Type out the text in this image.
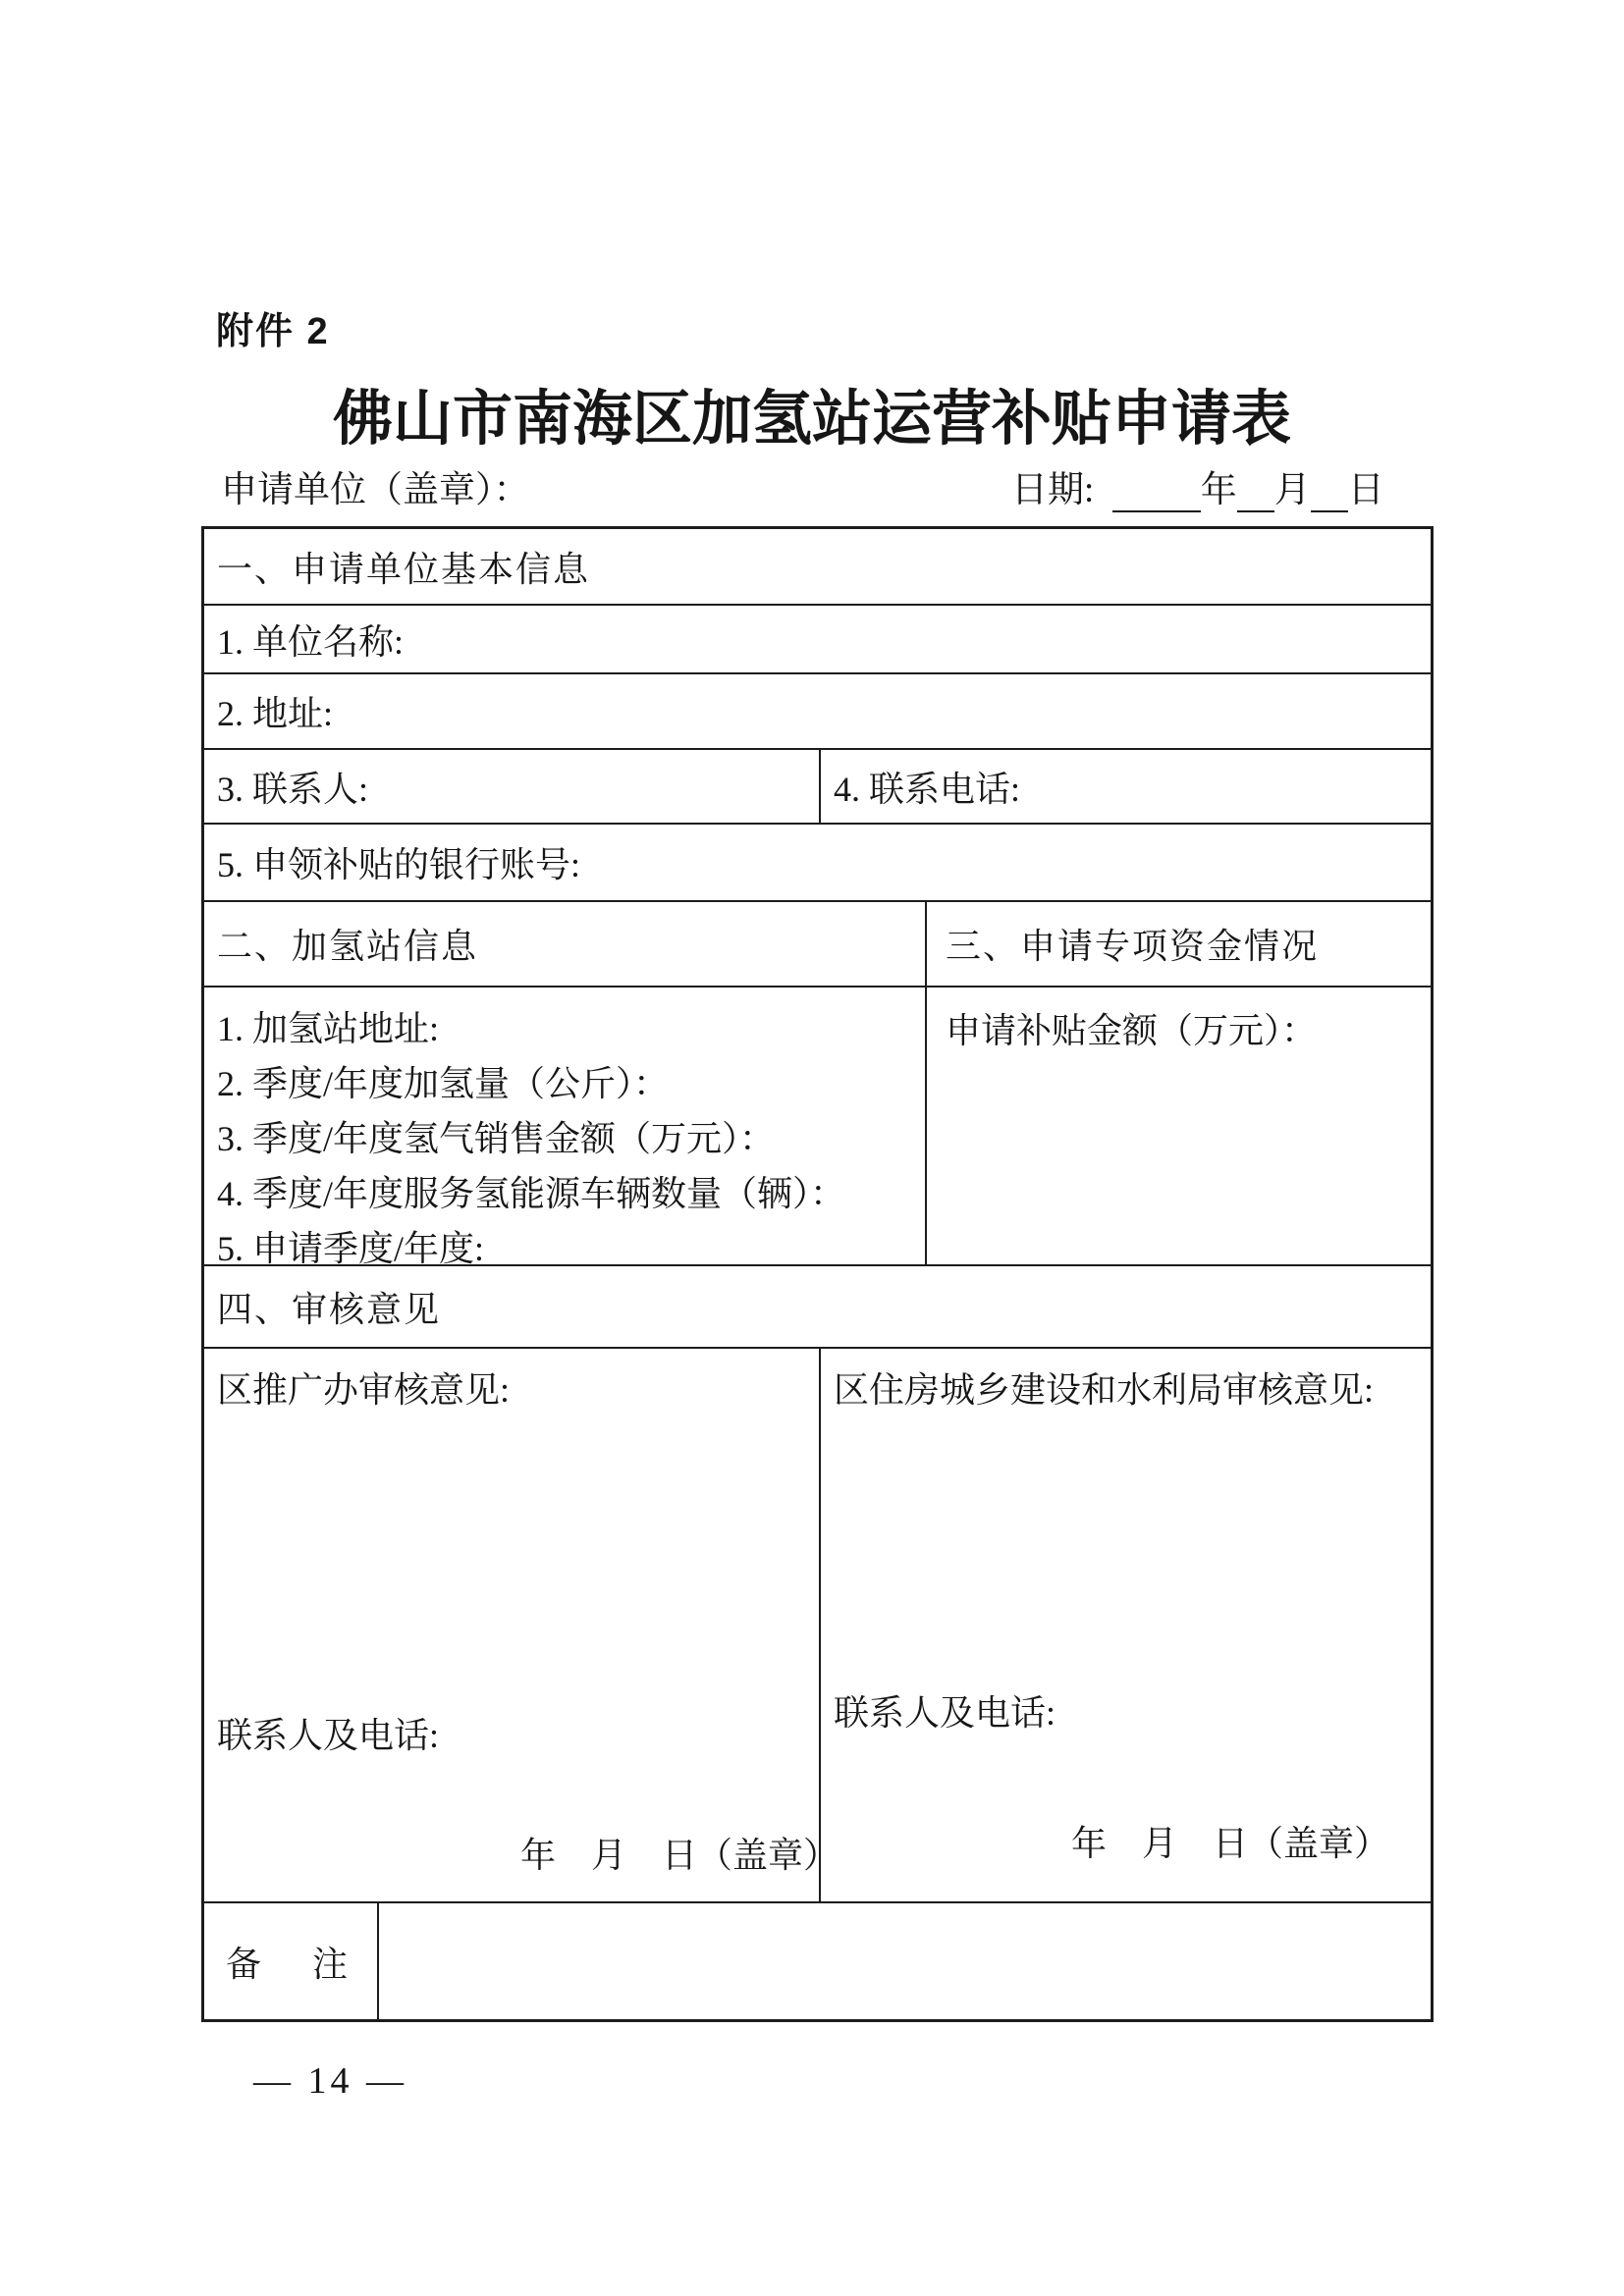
附件 2
佛山市南海区加氢站运营补贴申请表
申请单位（盖章）：	日期:	年 月 日
一、申请单位基本信息
1. 单位名称:
2. 地址:
3. 联系人:	4. 联系电话:
5. 申领补贴的银行账号:
二、加氢站信息	三、申请专项资金情况
1. 加氢站地址:
2. 季度/年度加氢量（公斤）：
3. 季度/年度氢气销售金额（万元）：
4. 季度/年度服务氢能源车辆数量（辆）：
5. 申请季度/年度:
申请补贴金额（万元）：
四、审核意见
区推广办审核意见:
联系人及电话:
年　月　日（盖章）
区住房城乡建设和水利局审核意见:
联系人及电话:
年　月　日（盖章）
备　注
— 14 —
